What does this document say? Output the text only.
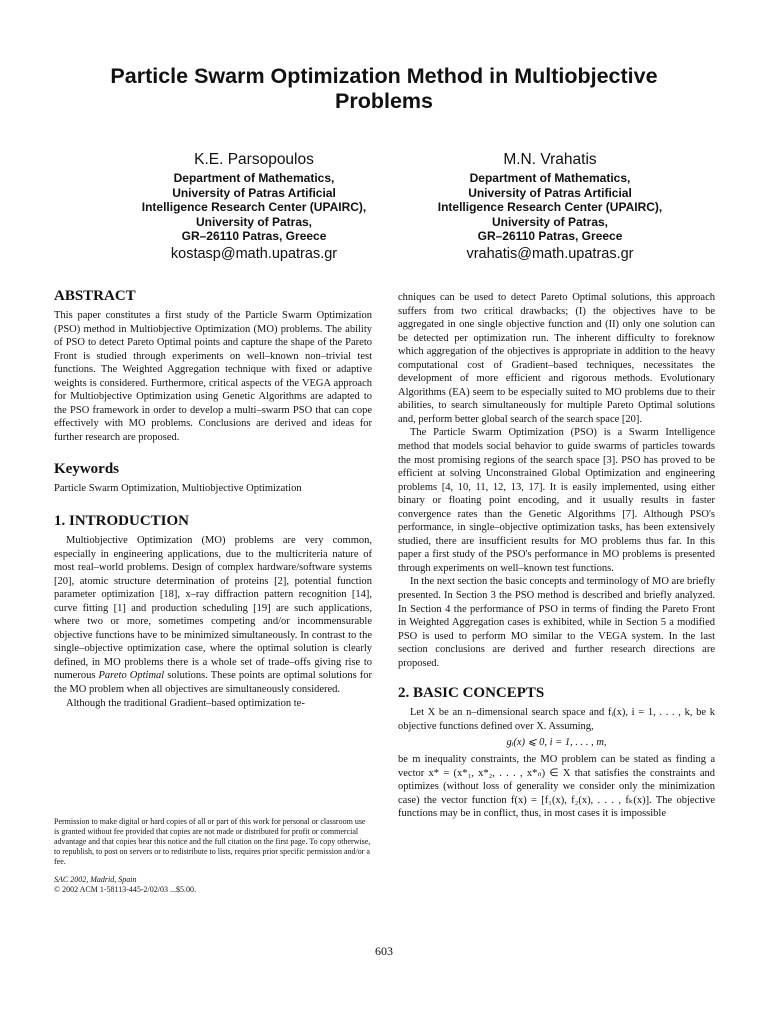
Particle Swarm Optimization Method in Multiobjective
Problems
K.E. Parsopoulos
Department of Mathematics,
University of Patras Artificial
Intelligence Research Center (UPAIRC),
University of Patras,
GR–26110 Patras, Greece
kostasp@math.upatras.gr
M.N. Vrahatis
Department of Mathematics,
University of Patras Artificial
Intelligence Research Center (UPAIRC),
University of Patras,
GR–26110 Patras, Greece
vrahatis@math.upatras.gr
ABSTRACT

This paper constitutes a first study of the Particle Swarm Optimization (PSO) method in Multiobjective Optimization (MO) problems. The ability of PSO to detect Pareto Optimal points and capture the shape of the Pareto Front is studied through experiments on well–known non–trivial test functions. The Weighted Aggregation technique with fixed or adaptive weights is considered. Furthermore, critical aspects of the VEGA approach for Multiobjective Optimization using Genetic Algorithms are adapted to the PSO framework in order to develop a multi–swarm PSO that can cope effectively with MO problems. Conclusions are derived and ideas for further research are proposed.

Keywords

Particle Swarm Optimization, Multiobjective Optimization

1. INTRODUCTION

Multiobjective Optimization (MO) problems are very common, especially in engineering applications, due to the multicriteria nature of most real–world problems. Design of complex hardware/software systems [20], atomic structure determination of proteins [2], potential function parameter optimization [18], x–ray diffraction pattern recognition [14], curve fitting [1] and production scheduling [19] are such applications, where two or more, sometimes competing and/or incommensurable objective functions have to be minimized simultaneously. In contrast to the single–objective optimization case, where the optimal solution is clearly defined, in MO problems there is a whole set of trade–offs giving rise to numerous Pareto Optimal solutions. These points are optimal solutions for the MO problem when all objectives are simultaneously considered.

Although the traditional Gradient–based optimization te-

Permission to make digital or hard copies of all or part of this work for personal or classroom use is granted without fee provided that copies are not made or distributed for profit or commercial advantage and that copies bear this notice and the full citation on the first page. To copy otherwise, to republish, to post on servers or to redistribute to lists, requires prior specific permission and/or a fee.
SAC 2002, Madrid, Spain
© 2002 ACM 1-58113-445-2/02/03 ...$5.00.

chniques can be used to detect Pareto Optimal solutions, this approach suffers from two critical drawbacks; (I) the objectives have to be aggregated in one single objective function and (II) only one solution can be detected per optimization run. The inherent difficulty to foreknow which aggregation of the objectives is appropriate in addition to the heavy computational cost of Gradient–based techniques, necessitates the development of more efficient and rigorous methods. Evolutionary Algorithms (EA) seem to be especially suited to MO problems due to their abilities, to search simultaneously for multiple Pareto Optimal solutions and, perform better global search of the search space [20].

The Particle Swarm Optimization (PSO) is a Swarm Intelligence method that models social behavior to guide swarms of particles towards the most promising regions of the search space [3]. PSO has proved to be efficient at solving Unconstrained Global Optimization and engineering problems [4, 10, 11, 12, 13, 17]. It is easily implemented, using either binary or floating point encoding, and it usually results in faster convergence rates than the Genetic Algorithms [7]. Although PSO's performance, in single–objective optimization tasks, has been extensively studied, there are insufficient results for MO problems thus far. In this paper a first study of the PSO's performance in MO problems is presented through experiments on well–known test functions.

In the next section the basic concepts and terminology of MO are briefly presented. In Section 3 the PSO method is described and briefly analyzed. In Section 4 the performance of PSO in terms of finding the Pareto Front in Weighted Aggregation cases is exhibited, while in Section 5 a modified PSO is used to perform MO similar to the VEGA system. In the last section conclusions are derived and further research directions are proposed.

2. BASIC CONCEPTS

Let X be an n–dimensional search space and fᵢ(x), i = 1, . . . , k, be k objective functions defined over X. Assuming,

gᵢ(x) ⩽ 0, i = 1, . . . , m,

be m inequality constraints, the MO problem can be stated as finding a vector x* = (x*₁, x*₂, . . . , x*ₙ) ∈ X that satisfies the constraints and optimizes (without loss of generality we consider only the minimization case) the vector function f(x) = [f₁(x), f₂(x), . . . , fₖ(x)]. The objective functions may be in conflict, thus, in most cases it is impossible

603
